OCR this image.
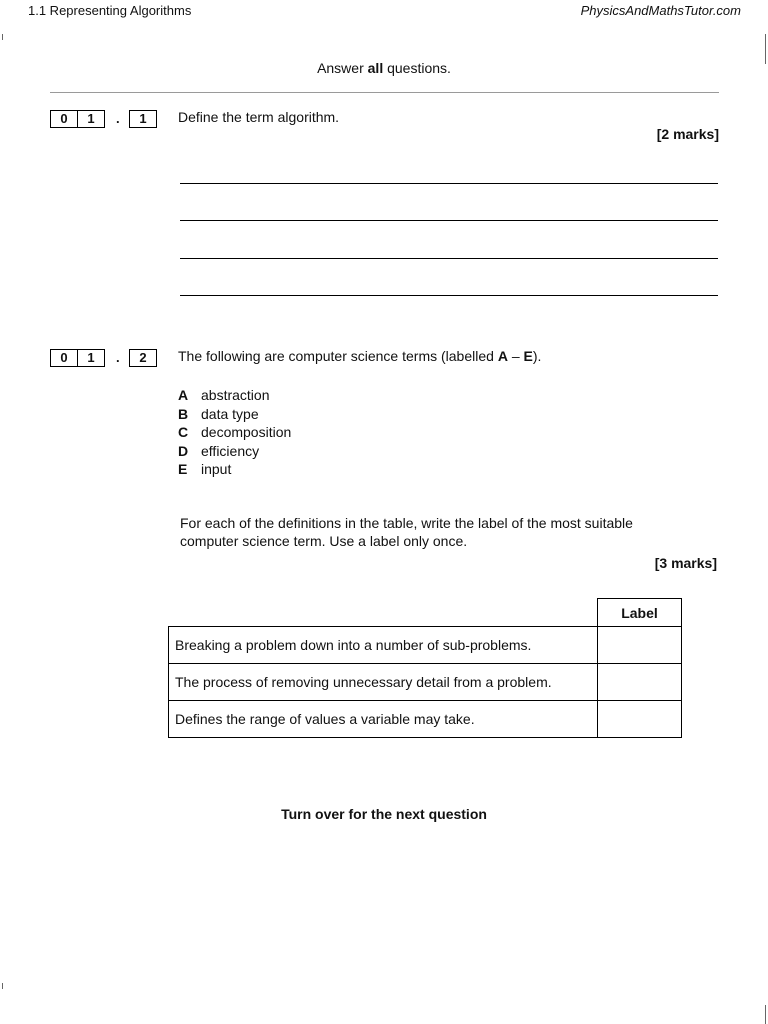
1.1 Representing Algorithms	PhysicsAndMathsTutor.com
Answer all questions.
0	1	.	1	Define the term algorithm.
[2 marks]
0	1	.	2	The following are computer science terms (labelled A – E).
A abstraction
B data type
C decomposition
D efficiency
E input
For each of the definitions in the table, write the label of the most suitable
computer science term. Use a label only once.
[3 marks]
	Label
Breaking a problem down into a number of sub-problems.	
The process of removing unnecessary detail from a problem.	
Defines the range of values a variable may take.	
Turn over for the next question
